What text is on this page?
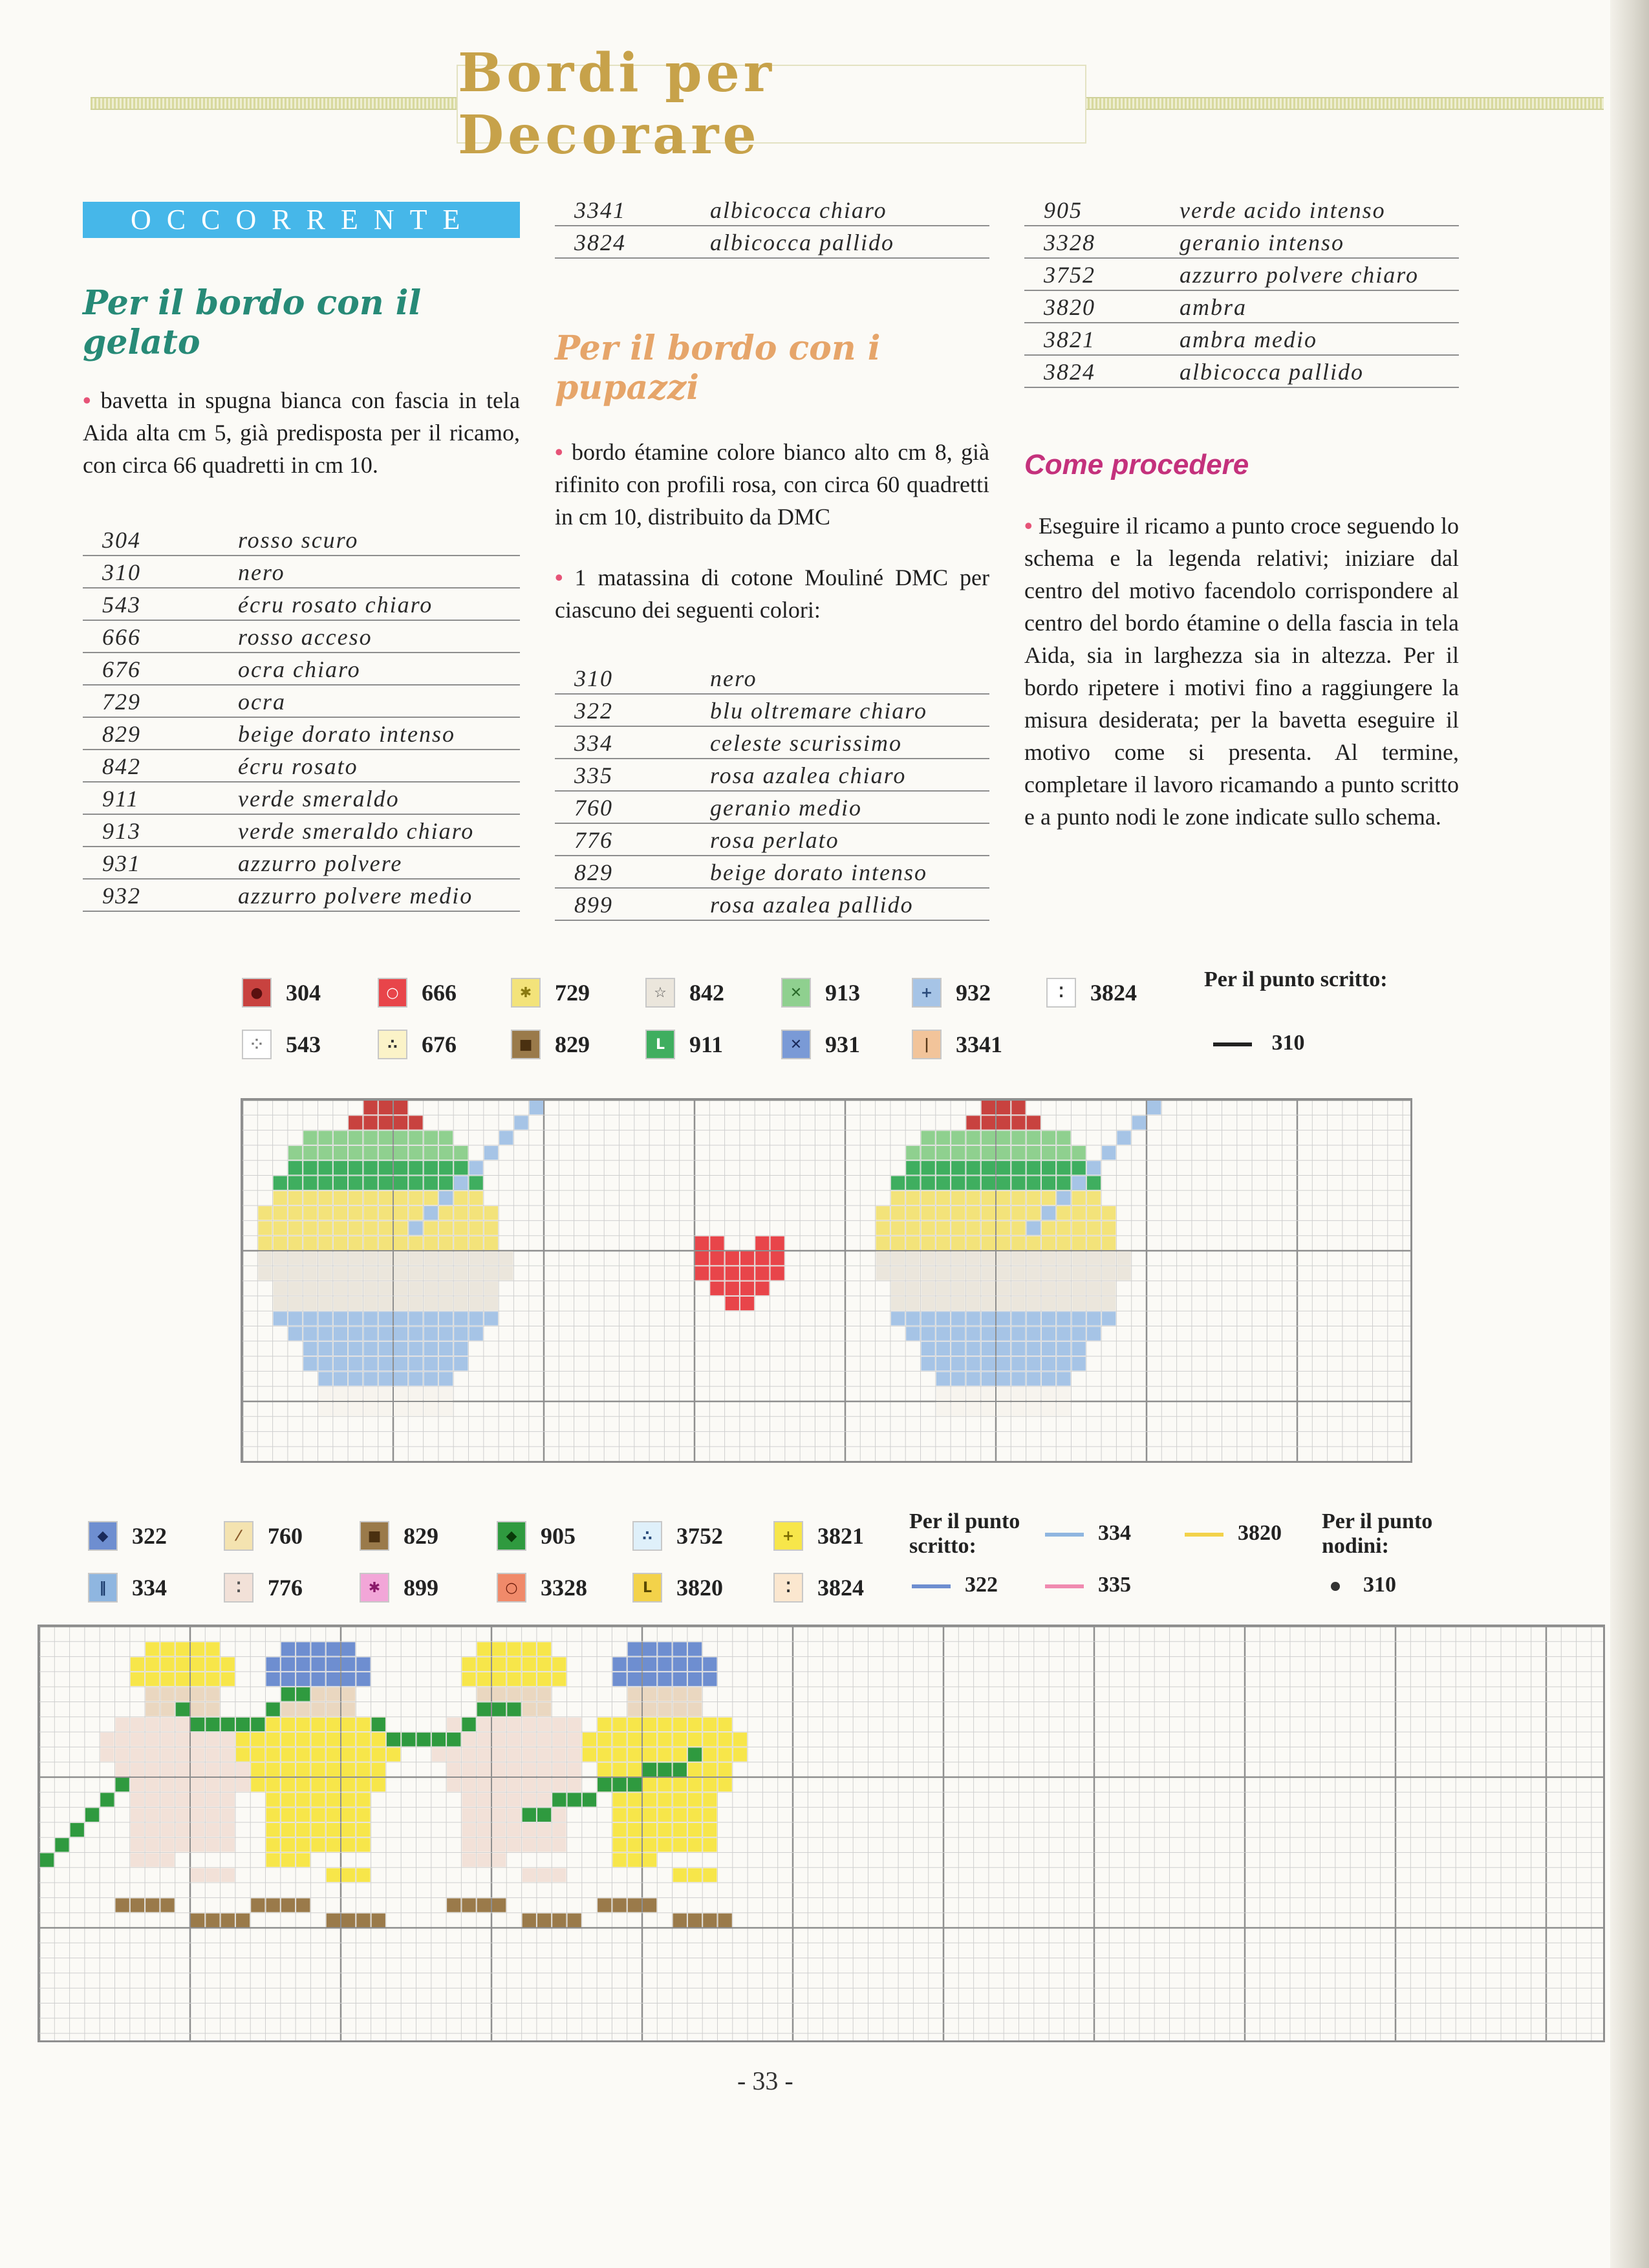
Bordi per Decorare
OCCORRENTE
Per il bordo con il gelato

• bavetta in spugna bianca con fascia in tela Aida alta cm 5, già predisposta per il ricamo, con circa 66 quadretti in cm 10.

304	rosso scuro
310	nero
543	écru rosato chiaro
666	rosso acceso
676	ocra chiaro
729	ocra
829	beige dorato intenso
842	écru rosato
911	verde smeraldo
913	verde smeraldo chiaro
931	azzurro polvere
932	azzurro polvere medio
3341	albicocca chiaro
3824	albicocca pallido
Per il bordo con i pupazzi

• bordo étamine colore bianco alto cm 8, già rifinito con profili rosa, con circa 60 quadretti in cm 10, distribuito da DMC

• 1 matassina di cotone Mouliné DMC per ciascuno dei seguenti colori:

310	nero
322	blu oltremare chiaro
334	celeste scurissimo
335	rosa azalea chiaro
760	geranio medio
776	rosa perlato
829	beige dorato intenso
899	rosa azalea pallido
905	verde acido intenso
3328	geranio intenso
3752	azzurro polvere chiaro
3820	ambra
3821	ambra medio
3824	albicocca pallido
Come procedere

• Eseguire il ricamo a punto croce seguendo lo schema e la legenda relativi; iniziare dal centro del motivo facendolo corrispondere al centro del bordo étamine o della fascia in tela Aida, sia in larghezza sia in altezza. Per il bordo ripetere i motivi fino a raggiungere la misura desiderata; per la bavetta eseguire il motivo come si presenta. Al termine, completare il lavoro ricamando a punto scritto e a punto nodi le zone indicate sullo schema.

● 304	○ 666	✱ 729	☆ 842	✕ 913	+ 932	⁚	3824
⁘ 543	∴	676	■ 829	L	911	✕ 931	|	3341
Per il punto scritto:
310
◆	322	⁄	760	■ 829	◆	905	∴	3752	+ 3821
‖	334	⁚	776	✱ 899	○ 3328	L	3820	⁚	3824
Per il punto scritto:
Per il punto nodini:
334	3820
322	335	310
- 33 -
